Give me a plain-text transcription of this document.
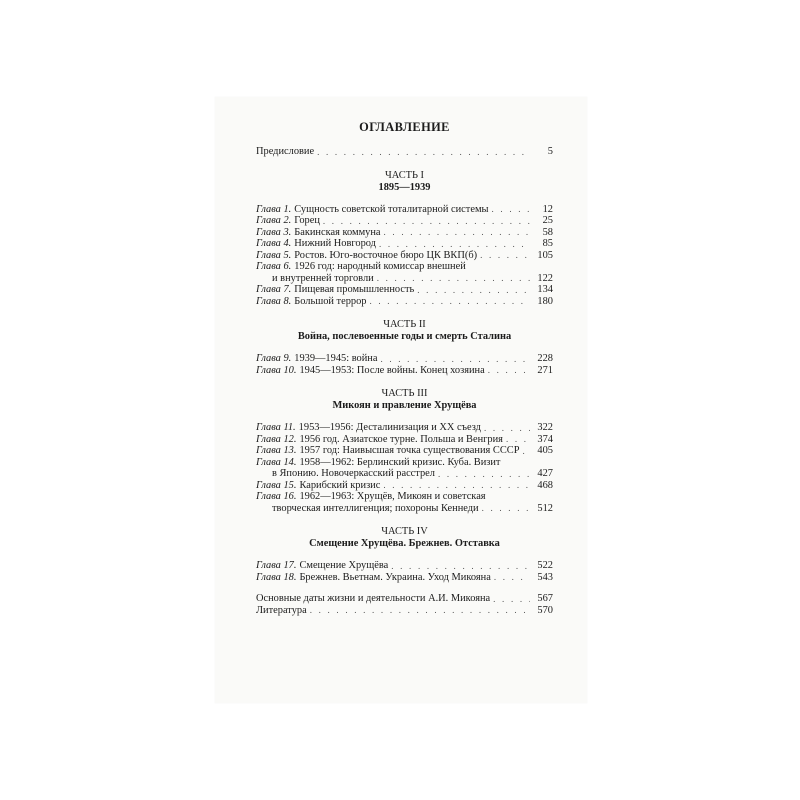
ОГЛАВЛЕНИЕ
Предисловие . . .	5
ЧАСТЬ I
1895—1939
Глава 1. Сущность советской тоталитарной системы . . .	12
Глава 2. Горец . . .	25
Глава 3. Бакинская коммуна . . .	58
Глава 4. Нижний Новгород . . .	85
Глава 5. Ростов. Юго-восточное бюро ЦК ВКП(б) . . .	105
Глава 6. 1926 год: народный комиссар внешней
и внутренней торговли . . .	122
Глава 7. Пищевая промышленность . . .	134
Глава 8. Большой террор . . .	180
ЧАСТЬ II
Война, послевоенные годы и смерть Сталина
Глава 9. 1939—1945: война . . .	228
Глава 10. 1945—1953: После войны. Конец хозяина . . .	271
ЧАСТЬ III
Микоян и правление Хрущёва
Глава 11. 1953—1956: Десталинизация и XX съезд . . .	322
Глава 12. 1956 год. Азиатское турне. Польша и Венгрия . . .	374
Глава 13. 1957 год: Наивысшая точка существования СССР . . .	405
Глава 14. 1958—1962: Берлинский кризис. Куба. Визит
в Японию. Новочеркасский расстрел . . .	427
Глава 15. Карибский кризис . . .	468
Глава 16. 1962—1963: Хрущёв, Микоян и советская
творческая интеллигенция; похороны Кеннеди . . .	512
ЧАСТЬ IV
Смещение Хрущёва. Брежнев. Отставка
Глава 17. Смещение Хрущёва . . .	522
Глава 18. Брежнев. Вьетнам. Украина. Уход Микояна . . .	543
Основные даты жизни и деятельности А.И. Микояна . . .	567
Литература . . .	570
